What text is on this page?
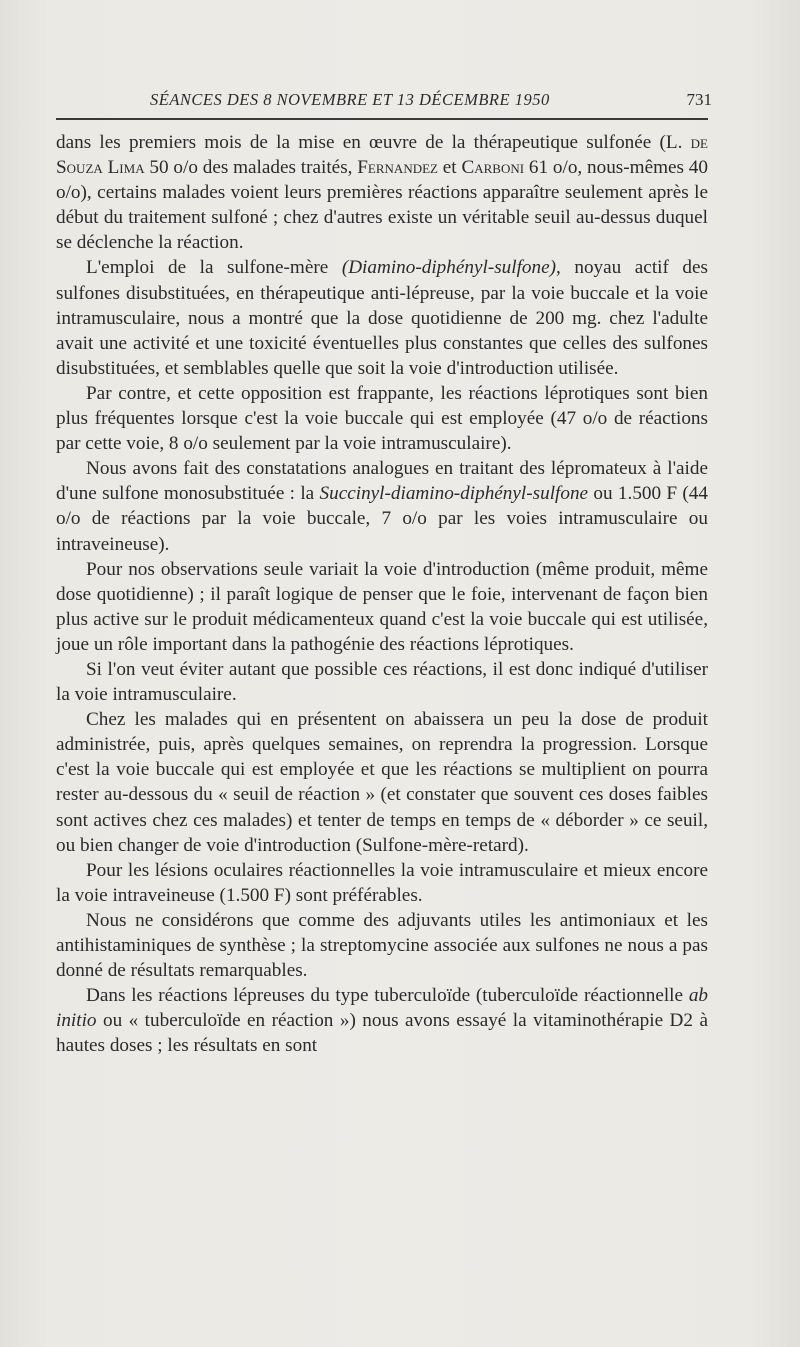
SÉANCES DES 8 NOVEMBRE ET 13 DÉCEMBRE 1950	731

dans les premiers mois de la mise en œuvre de la thérapeutique sulfonée (L. de Souza Lima 50 o/o des malades traités, Fernandez et Carboni 61 o/o, nous-mêmes 40 o/o), certains malades voient leurs premières réactions apparaître seulement après le début du traitement sulfoné ; chez d'autres existe un véritable seuil au-dessus duquel se déclenche la réaction.

L'emploi de la sulfone-mère (Diamino-diphényl-sulfone), noyau actif des sulfones disubstituées, en thérapeutique anti-lépreuse, par la voie buccale et la voie intramusculaire, nous a montré que la dose quotidienne de 200 mg. chez l'adulte avait une activité et une toxicité éventuelles plus constantes que celles des sulfones disubstituées, et semblables quelle que soit la voie d'introduction utilisée.

Par contre, et cette opposition est frappante, les réactions léprotiques sont bien plus fréquentes lorsque c'est la voie buccale qui est employée (47 o/o de réactions par cette voie, 8 o/o seulement par la voie intramusculaire).

Nous avons fait des constatations analogues en traitant des lépromateux à l'aide d'une sulfone monosubstituée : la Succinyl-diamino-diphényl-sulfone ou 1.500 F (44 o/o de réactions par la voie buccale, 7 o/o par les voies intramusculaire ou intraveineuse).

Pour nos observations seule variait la voie d'introduction (même produit, même dose quotidienne) ; il paraît logique de penser que le foie, intervenant de façon bien plus active sur le produit médicamenteux quand c'est la voie buccale qui est utilisée, joue un rôle important dans la pathogénie des réactions léprotiques.

Si l'on veut éviter autant que possible ces réactions, il est donc indiqué d'utiliser la voie intramusculaire.

Chez les malades qui en présentent on abaissera un peu la dose de produit administrée, puis, après quelques semaines, on reprendra la progression. Lorsque c'est la voie buccale qui est employée et que les réactions se multiplient on pourra rester au-dessous du « seuil de réaction » (et constater que souvent ces doses faibles sont actives chez ces malades) et tenter de temps en temps de « déborder » ce seuil, ou bien changer de voie d'introduction (Sulfone-mère-retard).

Pour les lésions oculaires réactionnelles la voie intramusculaire et mieux encore la voie intraveineuse (1.500 F) sont préférables.

Nous ne considérons que comme des adjuvants utiles les antimoniaux et les antihistaminiques de synthèse ; la streptomycine associée aux sulfones ne nous a pas donné de résultats remarquables.

Dans les réactions lépreuses du type tuberculoïde (tuberculoïde réactionnelle ab initio ou « tuberculoïde en réaction ») nous avons essayé la vitaminothérapie D2 à hautes doses ; les résultats en sont
